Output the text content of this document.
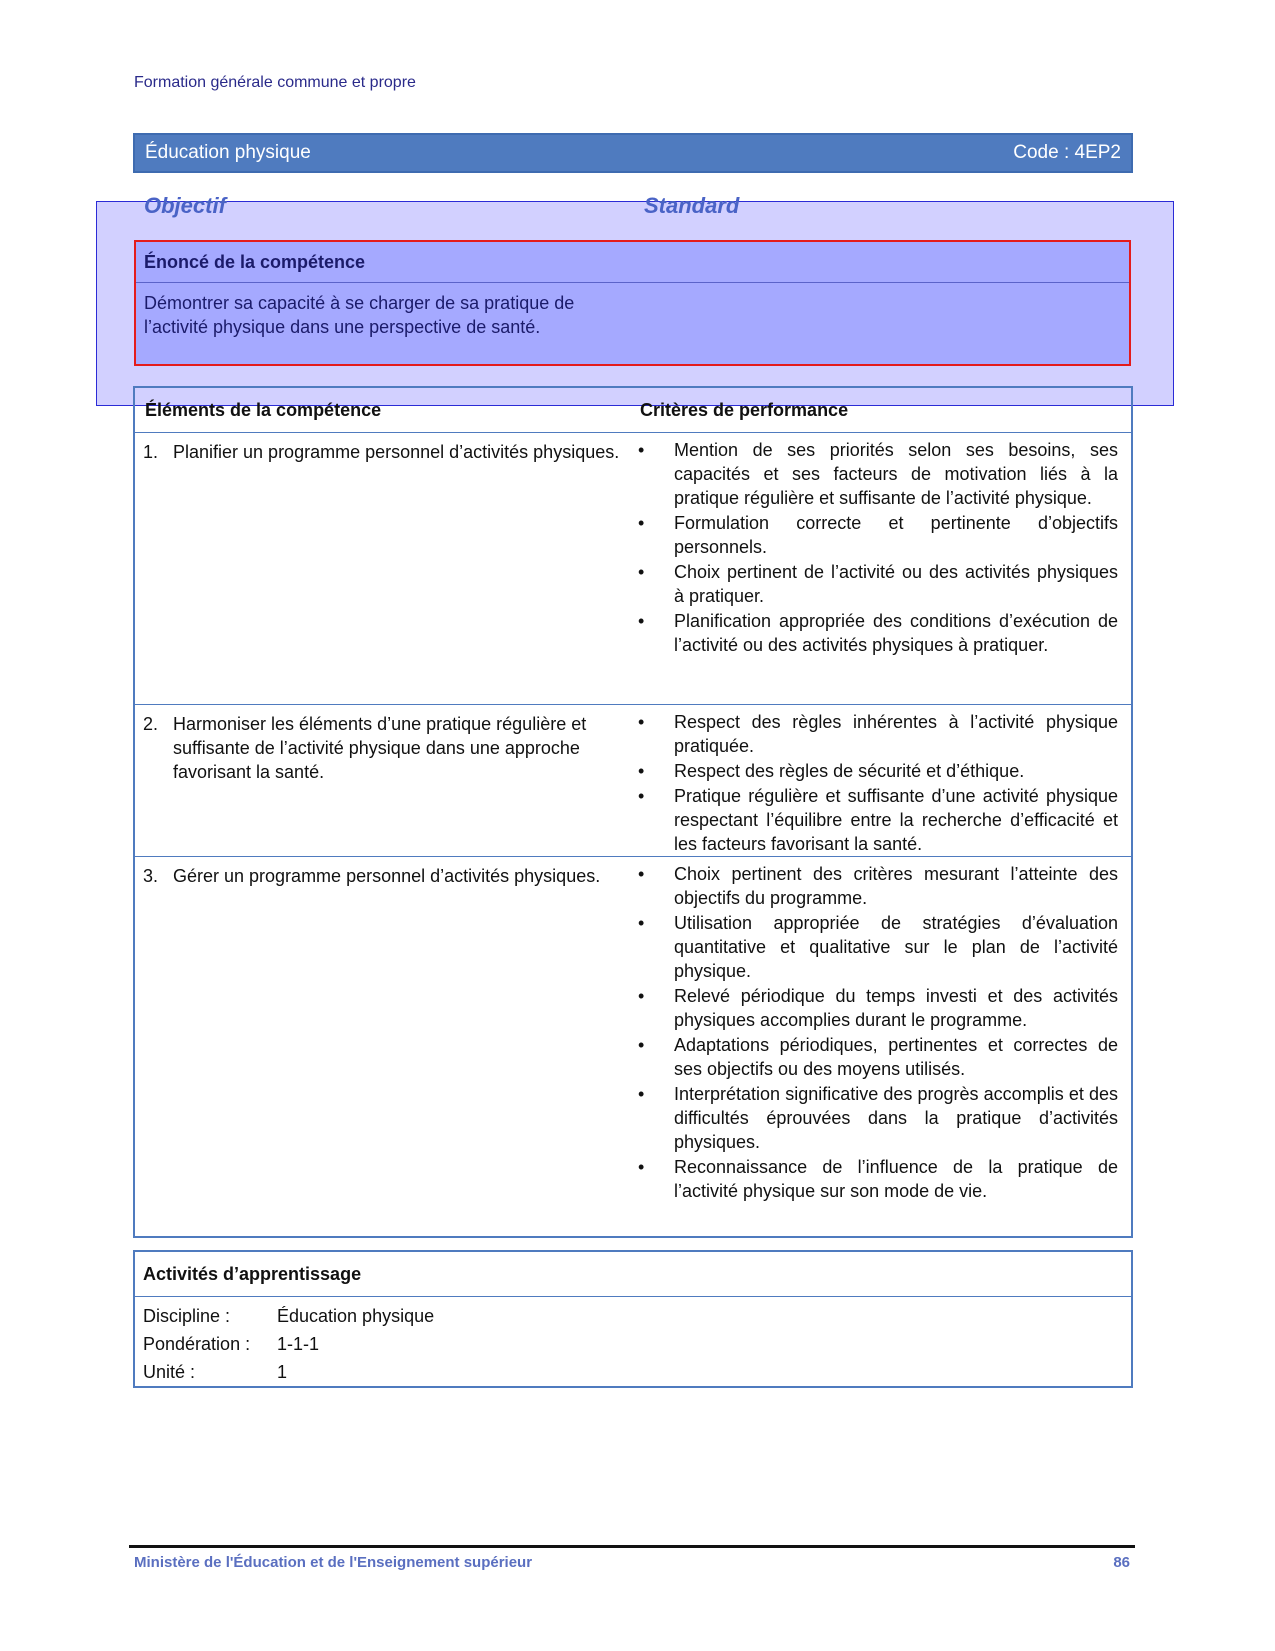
Formation générale commune et propre
Éducation physique	Code : 4EP2
Objectif	Standard
Énoncé de la compétence
Démontrer sa capacité à se charger de sa pratique de l’activité physique dans une perspective de santé.
Éléments de la compétence	Critères de performance
1. Planifier un programme personnel d’activités physiques. •	Mention de ses priorités selon ses besoins, ses capacités et ses facteurs de motivation liés à la pratique régulière et suffisante de l’activité physique.
•	Formulation correcte et pertinente d’objectifs personnels.
•	Choix pertinent de l’activité ou des activités physiques à pratiquer.
•	Planification appropriée des conditions d’exécution de l’activité ou des activités physiques à pratiquer.
2. Harmoniser les éléments d’une pratique régulière et suffisante de l’activité physique dans une approche favorisant la santé.
•	Respect des règles inhérentes à l’activité physique pratiquée.
•	Respect des règles de sécurité et d’éthique.
•	Pratique régulière et suffisante d’une activité physique respectant l’équilibre entre la recherche d’efficacité et les facteurs favorisant la santé.
3. Gérer un programme personnel d’activités physiques. •	Choix pertinent des critères mesurant l’atteinte des objectifs du programme.
•	Utilisation appropriée de stratégies d’évaluation quantitative et qualitative sur le plan de l’activité physique.
•	Relevé périodique du temps investi et des activités physiques accomplies durant le programme.
•	Adaptations périodiques, pertinentes et correctes de ses objectifs ou des moyens utilisés.
•	Interprétation significative des progrès accomplis et des difficultés éprouvées dans la pratique d’activités physiques.
•	Reconnaissance de l’influence de la pratique de l’activité physique sur son mode de vie.
Activités d’apprentissage
Discipline :	Éducation physique
Pondération :	1-1-1
Unité :	1
Ministère de l'Éducation et de l'Enseignement supérieur	86
